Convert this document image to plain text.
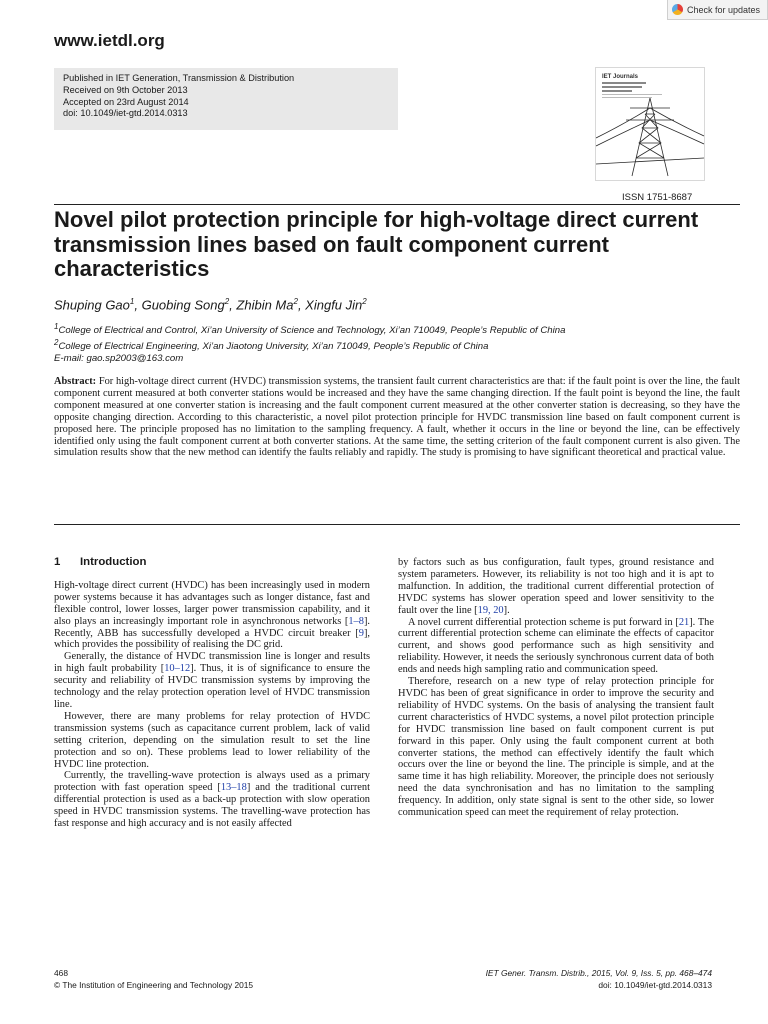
Check for updates
www.ietdl.org
Published in IET Generation, Transmission & Distribution
Received on 9th October 2013
Accepted on 23rd August 2014
doi: 10.1049/iet-gtd.2014.0313
IET Journals
ISSN 1751-8687
Novel pilot protection principle for high-voltage direct current transmission lines based on fault component current characteristics
Shuping Gao$^1$, Guobing Song$^2$, Zhibin Ma$^2$, Xingfu Jin$^2$
$^1$College of Electrical and Control, Xi’an University of Science and Technology, Xi’an 710049, People’s Republic of China
$^2$College of Electrical Engineering, Xi’an Jiaotong University, Xi’an 710049, People’s Republic of China
E-mail: gao.sp2003@163.com
Abstract: For high-voltage direct current (HVDC) transmission systems, the transient fault current characteristics are that: if the fault point is over the line, the fault component current measured at both converter stations would be increased and they have the same changing direction. If the fault point is beyond the line, the fault component measured at one converter station is increasing and the fault component current measured at the other converter station is decreasing, so they have the opposite changing direction. According to this characteristic, a novel pilot protection principle for HVDC transmission line based on fault component current is proposed here. The principle proposed has no limitation to the sampling frequency. A fault, whether it occurs in the line or beyond the line, can be effectively identified only using the fault component current at both converter stations. At the same time, the setting criterion of the fault component current is also given. The simulation results show that the new method can identify the faults reliably and rapidly. The study is promising to have significant theoretical and practical value.
1 Introduction

High-voltage direct current (HVDC) has been increasingly used in modern power systems because it has advantages such as longer distance, fast and flexible control, lower losses, larger power transmission capability, and it also plays an increasingly important role in asynchronous networks [1–8]. Recently, ABB has successfully developed a HVDC circuit breaker [9], which provides the possibility of realising the DC grid.

Generally, the distance of HVDC transmission line is longer and results in high fault probability [10–12]. Thus, it is of significance to ensure the security and reliability of HVDC transmission systems by improving the technology and the relay protection operation level of HVDC transmission line.

However, there are many problems for relay protection of HVDC transmission systems (such as capacitance current problem, lack of valid setting criterion, depending on the simulation result to set the line protection and so on). These problems lead to lower reliability of the HVDC line protection.

Currently, the travelling-wave protection is always used as a primary protection with fast operation speed [13–18] and the traditional current differential protection is used as a back-up protection with slow operation speed in HVDC transmission systems. The travelling-wave protection has fast response and high accuracy and is not easily affected

by factors such as bus configuration, fault types, ground resistance and system parameters. However, its reliability is not too high and it is apt to malfunction. In addition, the traditional current differential protection of HVDC systems has slower operation speed and lower sensitivity to the fault over the line [19, 20].

A novel current differential protection scheme is put forward in [21]. The current differential protection scheme can eliminate the effects of capacitor current, and shows good performance such as high sensitivity and reliability. However, it needs the seriously synchronous current data of both ends and needs high sampling ratio and communication speed.

Therefore, research on a new type of relay protection principle for HVDC has been of great significance in order to improve the security and reliability of HVDC systems. On the basis of analysing the transient fault current characteristics of HVDC systems, a novel pilot protection principle for HVDC transmission line based on fault component current is put forward in this paper. Only using the fault component current at both converter stations, the method can effectively identify the fault which occurs over the line or beyond the line. The principle is simple, and at the same time it has high reliability. Moreover, the principle does not seriously need the data synchronisation and has no limitation to the sampling frequency. In addition, only state signal is sent to the other side, so lower communication speed can meet the requirement of relay protection.

468
© The Institution of Engineering and Technology 2015
IET Gener. Transm. Distrib., 2015, Vol. 9, Iss. 5, pp. 468–474
doi: 10.1049/iet-gtd.2014.0313
